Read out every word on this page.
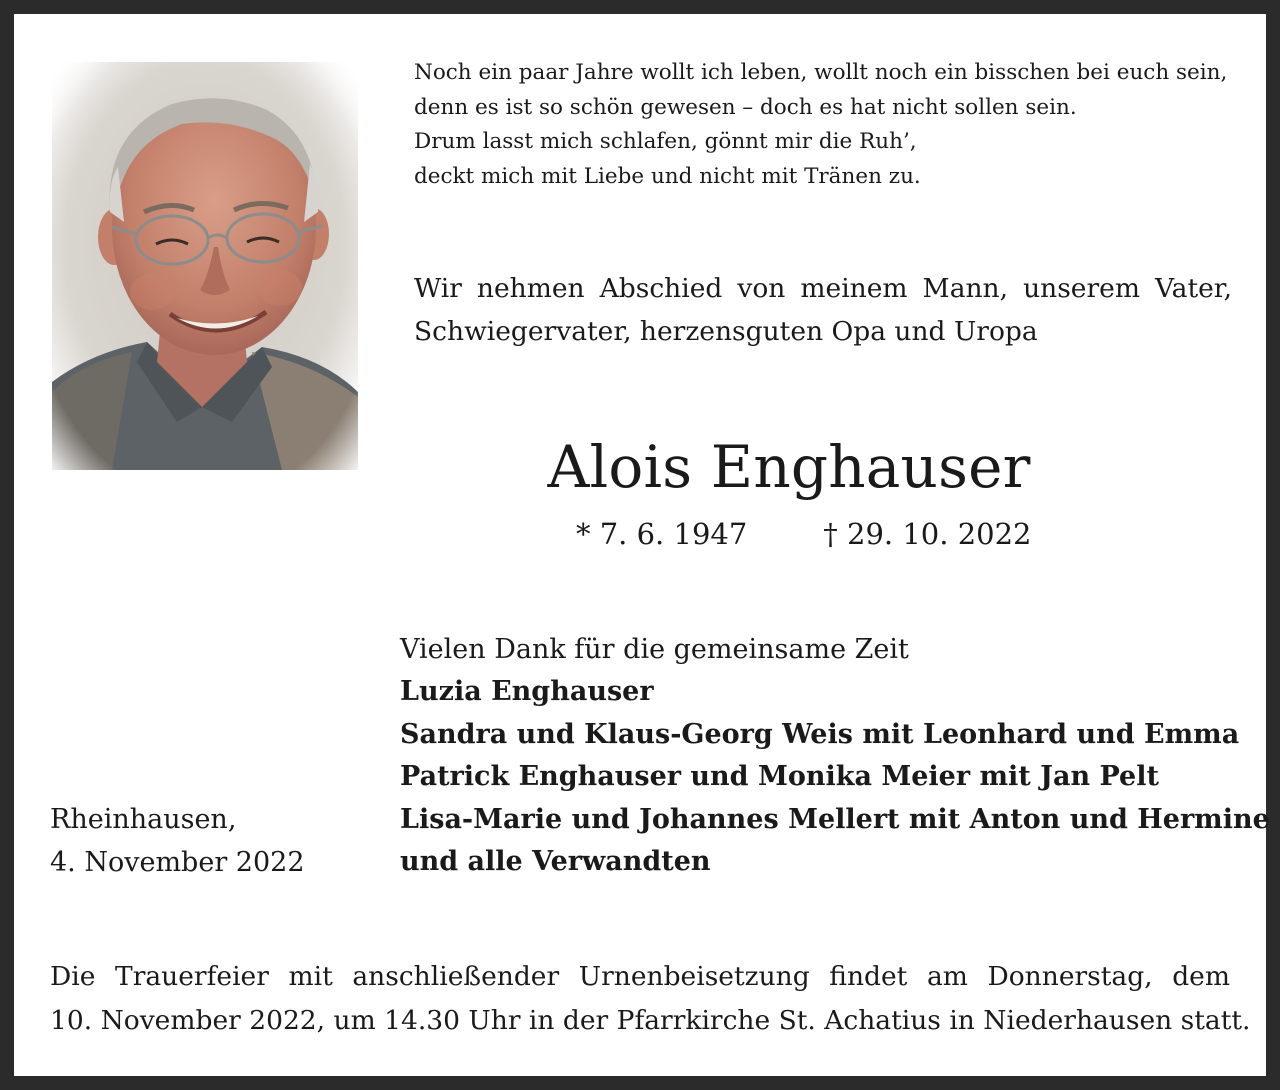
Noch ein paar Jahre wollt ich leben, wollt noch ein bisschen bei euch sein,
denn es ist so schön gewesen – doch es hat nicht sollen sein.
Drum lasst mich schlafen, gönnt mir die Ruh’,
deckt mich mit Liebe und nicht mit Tränen zu.
Wir nehmen Abschied von meinem Mann, unserem Vater,
Schwiegervater, herzensguten Opa und Uropa
Alois Enghauser
* 7. 6. 1947	† 29. 10. 2022
Vielen Dank für die gemeinsame Zeit
Luzia Enghauser
Sandra und Klaus-Georg Weis mit Leonhard und Emma
Patrick Enghauser und Monika Meier mit Jan Pelt
Lisa-Marie und Johannes Mellert mit Anton und Hermine
und alle Verwandten
Rheinhausen,
4. November 2022
Die Trauerfeier mit anschließender Urnenbeisetzung findet am Donnerstag, dem
10. November 2022, um 14.30 Uhr in der Pfarrkirche St. Achatius in Niederhausen statt.
